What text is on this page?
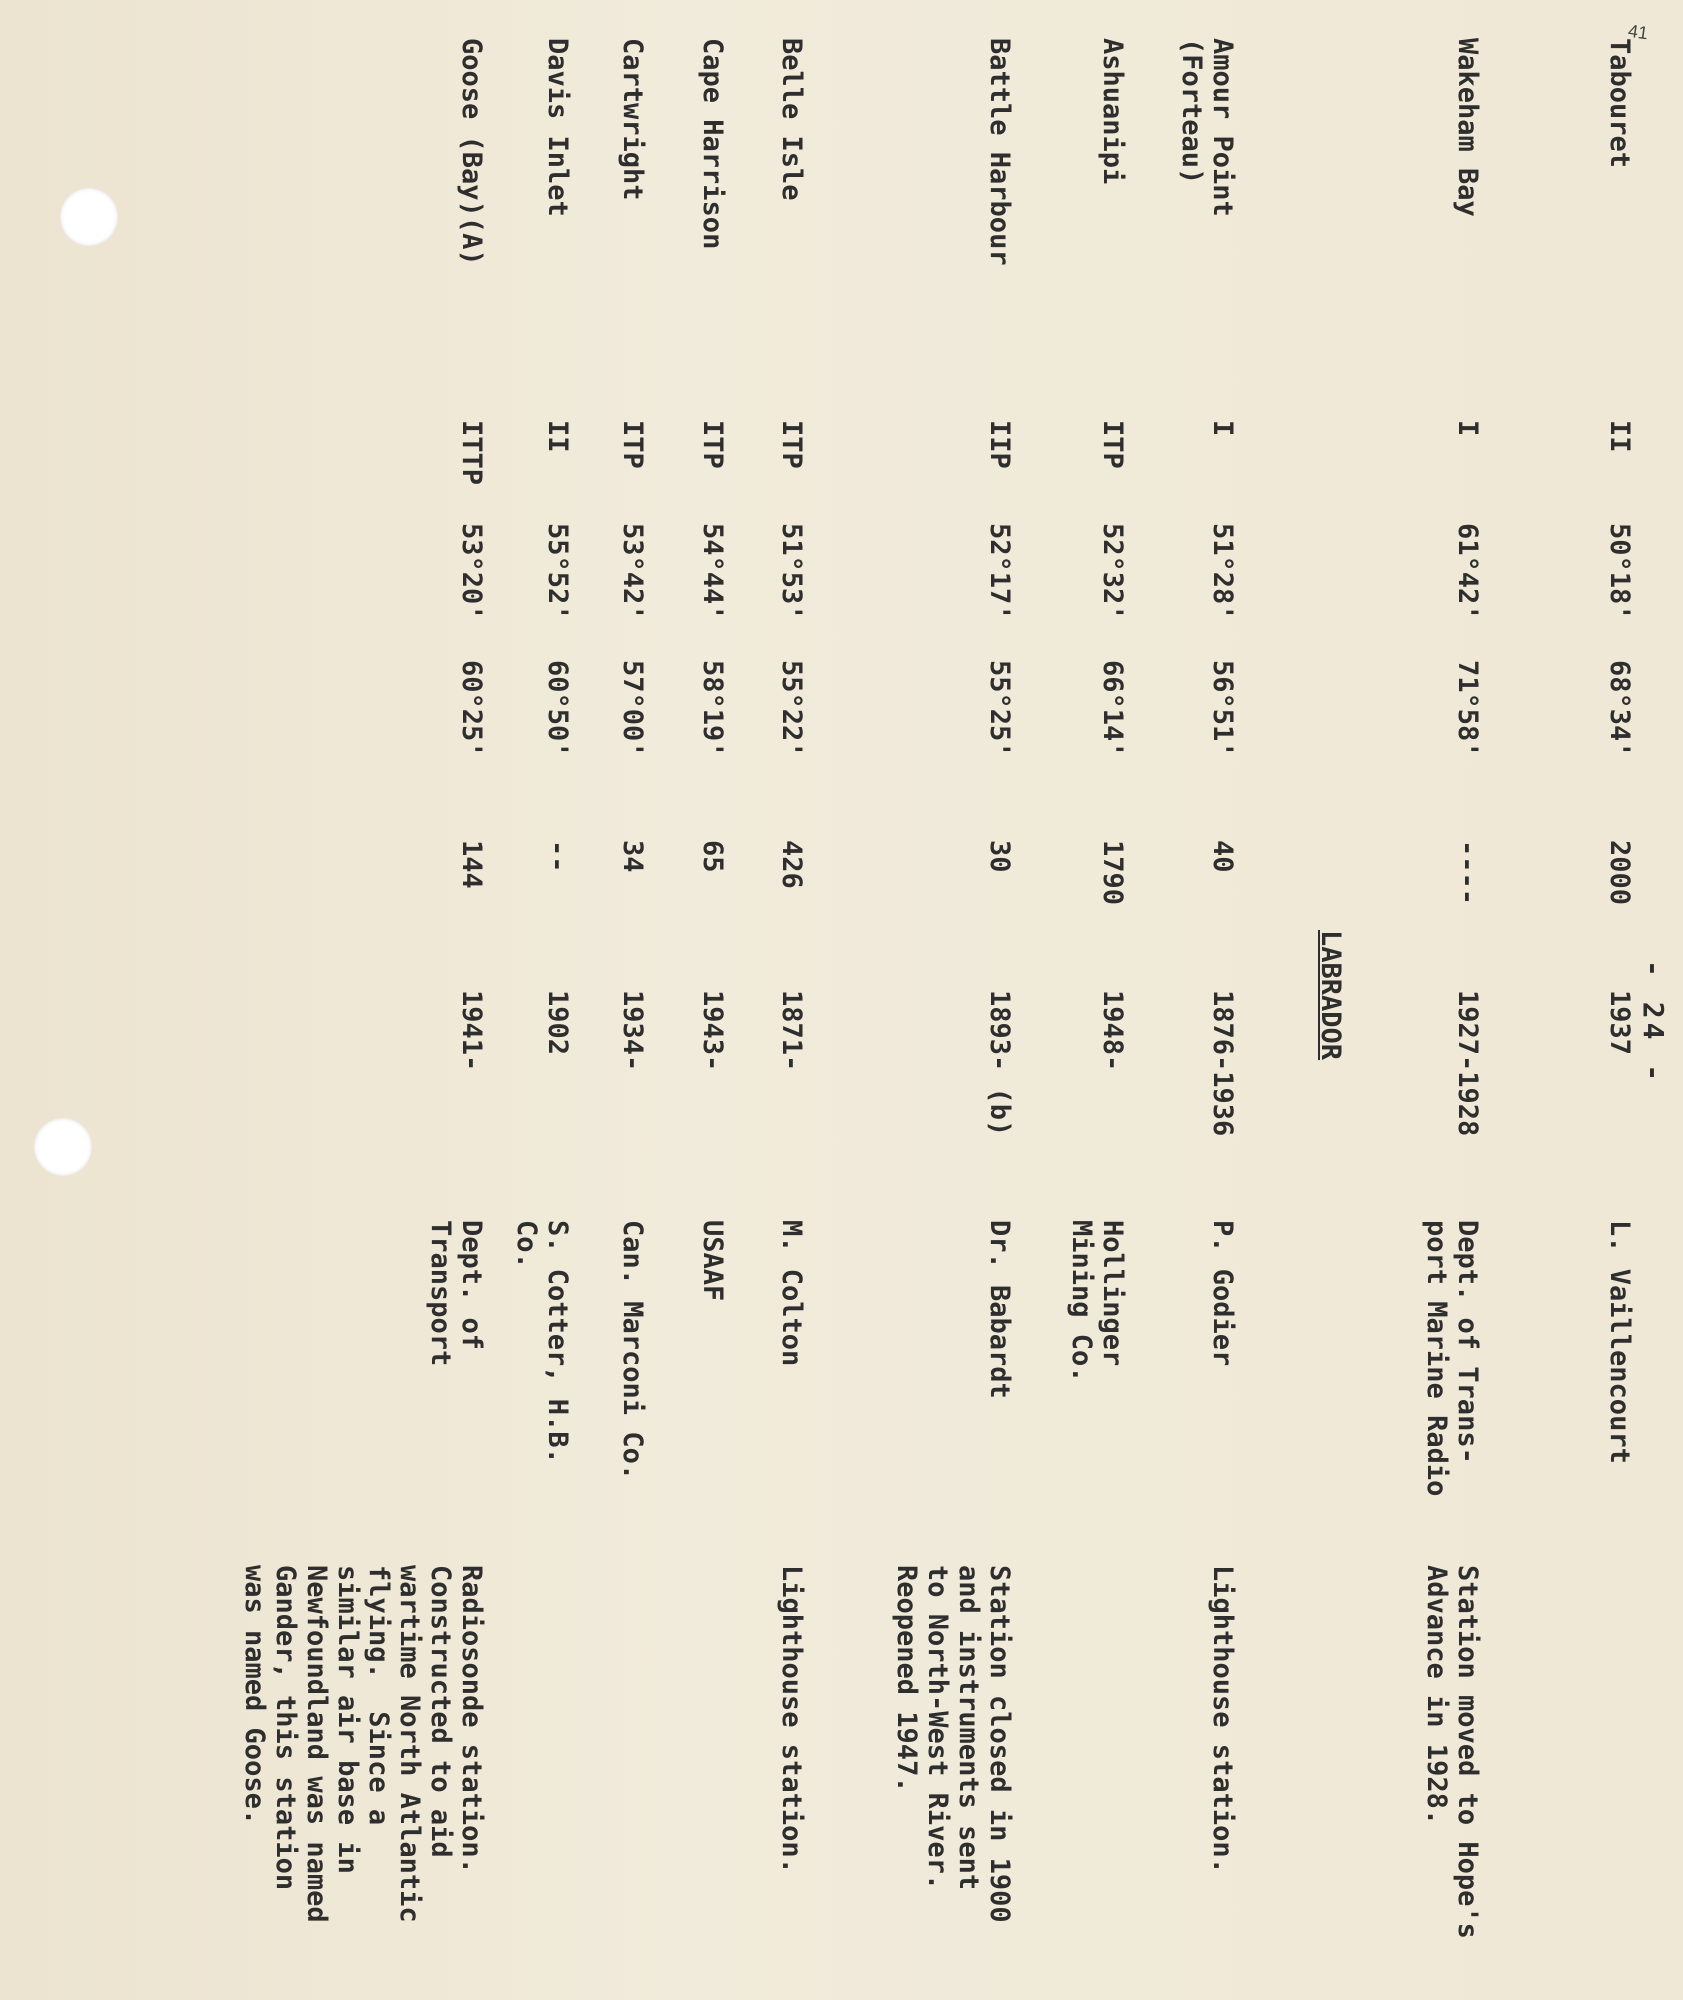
41
- 24 -
Tabouret
II
50°18'
68°34'
2000
1937
L. Vaillencourt
Wakeham Bay
I
61°42'
71°58'
----
1927-1928
Dept. of Trans-
port Marine Radio
Station moved to Hope's
Advance in 1928.
LABRADOR
Amour Point
(Forteau)
I
51°28'
56°51'
40
1876-1936
P. Godier
Lighthouse station.
Ashuanipi
ITP
52°32'
66°14'
1790
1948-
Hollinger
Mining Co.
Battle Harbour
IIP
52°17'
55°25'
30
1893- (b)
Dr. Babardt
Station closed in 1900
and instruments sent
to North-West River.
Reopened 1947.
Belle Isle
ITP
51°53'
55°22'
426
1871-
M. Colton
Lighthouse station.
Cape Harrison
ITP
54°44'
58°19'
65
1943-
USAAF
Cartwright
ITP
53°42'
57°00'
34
1934-
Can. Marconi Co.
Davis Inlet
II
55°52'
60°50'
--
1902
S. Cotter, H.B.
Co.
Goose (Bay)(A)
ITTP
53°20'
60°25'
144
1941-
Dept. of
Transport
Radiosonde station.
Constructed to aid
wartime North Atlantic
flying.  Since a
similar air base in
Newfoundland was named
Gander, this station
was named Goose.
